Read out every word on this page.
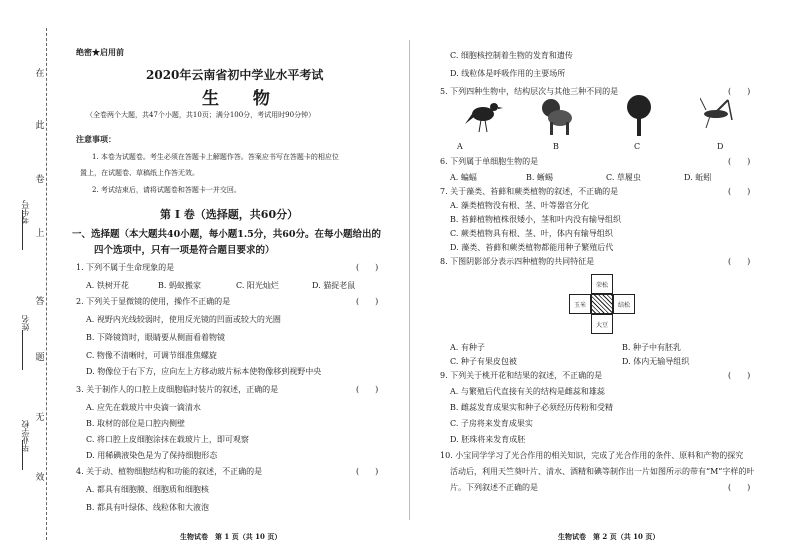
考生号
姓名
毕业学校
在
此
卷
上
答
题
无
效
绝密★启用前
2020年云南省初中学业水平考试
生 物
（全卷两个大题，共47个小题，共10页；满分100分，考试用时90分钟）
注意事项：
1. 本卷为试题卷。考生必须在答题卡上解题作答。答案应书写在答题卡的相应位
置上，在试题卷、草稿纸上作答无效。
2. 考试结束后，请将试题卷和答题卡一并交回。
第 Ⅰ 卷（选择题，共60分）
一、选择题（本大题共40小题，每小题1.5分，共60分。在每小题给出的
四个选项中，只有一项是符合题目要求的）
1. 下列不属于生命现象的是	(　　)
A. 铁树开花	B. 蚂蚁搬家	C. 阳光灿烂	D. 猫捉老鼠
2. 下列关于显微镜的使用，操作不正确的是	(　　)
A. 视野内光线较弱时，使用反光镜的凹面或较大的光圈
B. 下降镜筒时，眼睛要从侧面看着物镜
C. 物像不清晰时，可调节细准焦螺旋
D. 物像位于右下方，应向左上方移动玻片标本使物像移到视野中央
3. 关于制作人的口腔上皮细胞临时装片的叙述，正确的是	(　　)
A. 应先在载玻片中央滴一滴清水
B. 取材的部位是口腔内侧壁
C. 将口腔上皮细胞涂抹在载玻片上，即可观察
D. 用稀碘液染色是为了保持细胞形态
4. 关于动、植物细胞结构和功能的叙述，不正确的是	(　　)
A. 都具有细胞膜、细胞质和细胞核
B. 都具有叶绿体、线粒体和大液泡
生物试卷　第 1 页（共 10 页）
C. 细胞核控制着生物的发育和遗传
D. 线粒体是呼吸作用的主要场所
5. 下列四种生物中，结构层次与其他三种不同的是	(　　)
A	B	C	D
6. 下列属于单细胞生物的是	(　　)
A. 蝙蝠	B. 蜥蜴	C. 草履虫	D. 蚯蚓
7. 关于藻类、苔藓和蕨类植物的叙述，不正确的是	(　　)
A. 藻类植物没有根、茎、叶等器官分化
B. 苔藓植物植株很矮小，茎和叶内没有输导组织
C. 蕨类植物具有根、茎、叶，体内有输导组织
D. 藻类、苔藓和蕨类植物都能用种子繁殖后代
8. 下图阴影部分表示四种植物的共同特征是	(　　)
荣松
玉米	结松
大豆
A. 有种子	B. 种子中有胚乳
C. 种子有果皮包被	D. 体内无输导组织
9. 下列关于桃开花和结果的叙述，不正确的是	(　　)
A. 与繁殖后代直接有关的结构是雌蕊和雄蕊
B. 雌蕊发育成果实和种子必须经历传粉和受精
C. 子房将来发育成果实
D. 胚珠将来发育成胚
10. 小宝同学学习了光合作用的相关知识，完成了光合作用的条件、原料和产物的探究
活动后，利用天竺葵叶片、清水、酒精和碘等制作出一片如图所示的带有“M”字样的叶
片。下列叙述不正确的是	(　　)
生物试卷　第 2 页（共 10 页）
